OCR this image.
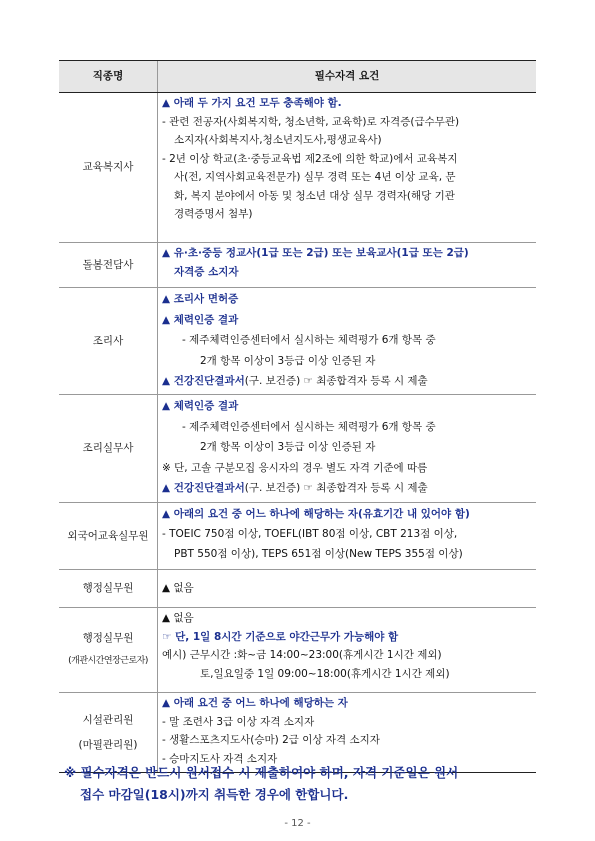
직종명	필수자격 요건
교육복지사
▲ 아래 두 가지 요건 모두 충족해야 함.
- 관련 전공자(사회복지학, 청소년학, 교육학)로 자격증(급수무관)
소지자(사회복지사,청소년지도사,평생교육사)
- 2년 이상 학교(초·중등교육법 제2조에 의한 학교)에서 교육복지
사(전, 지역사회교육전문가) 실무 경력 또는 4년 이상 교육, 문
화, 복지 분야에서 아동 및 청소년 대상 실무 경력자(해당 기관
경력증명서 첨부)
돌봄전담사
▲ 유·초·중등 정교사(1급 또는 2급) 또는 보육교사(1급 또는 2급)
자격증 소지자
조리사
▲ 조리사 면허증
▲ 체력인증 결과
- 제주체력인증센터에서 실시하는 체력평가 6개 항목 중
2개 항목 이상이 3등급 이상 인증된 자
▲ 건강진단결과서(구. 보건증) ☞ 최종합격자 등록 시 제출
조리실무사
▲ 체력인증 결과
- 제주체력인증센터에서 실시하는 체력평가 6개 항목 중
2개 항목 이상이 3등급 이상 인증된 자
※ 단, 고솔 구분모집 응시자의 경우 별도 자격 기준에 따름
▲ 건강진단결과서(구. 보건증) ☞ 최종합격자 등록 시 제출
외국어교육실무원
▲ 아래의 요건 중 어느 하나에 해당하는 자(유효기간 내 있어야 함)
- TOEIC 750점 이상, TOEFL(IBT 80점 이상, CBT 213점 이상,
PBT 550점 이상), TEPS 651점 이상(New TEPS 355점 이상)
행정실무원	▲ 없음
행정실무원
(개관시간연장근로자)
▲ 없음
☞ 단, 1일 8시간 기준으로 야간근무가 가능해야 함
예시) 근무시간 :화~금 14:00~23:00(휴게시간 1시간 제외)
토,일요일중 1일 09:00~18:00(휴게시간 1시간 제외)
시설관리원
(마필관리원)
▲ 아래 요건 중 어느 하나에 해당하는 자
- 말 조련사 3급 이상 자격 소지자
- 생활스포츠지도사(승마) 2급 이상 자격 소지자
- 승마지도사 자격 소지자
※ 필수자격은 반드시 원서접수 시 제출하여야 하며, 자격 기준일은 원서
접수 마감일(18시)까지 취득한 경우에 한합니다.
- 12 -
